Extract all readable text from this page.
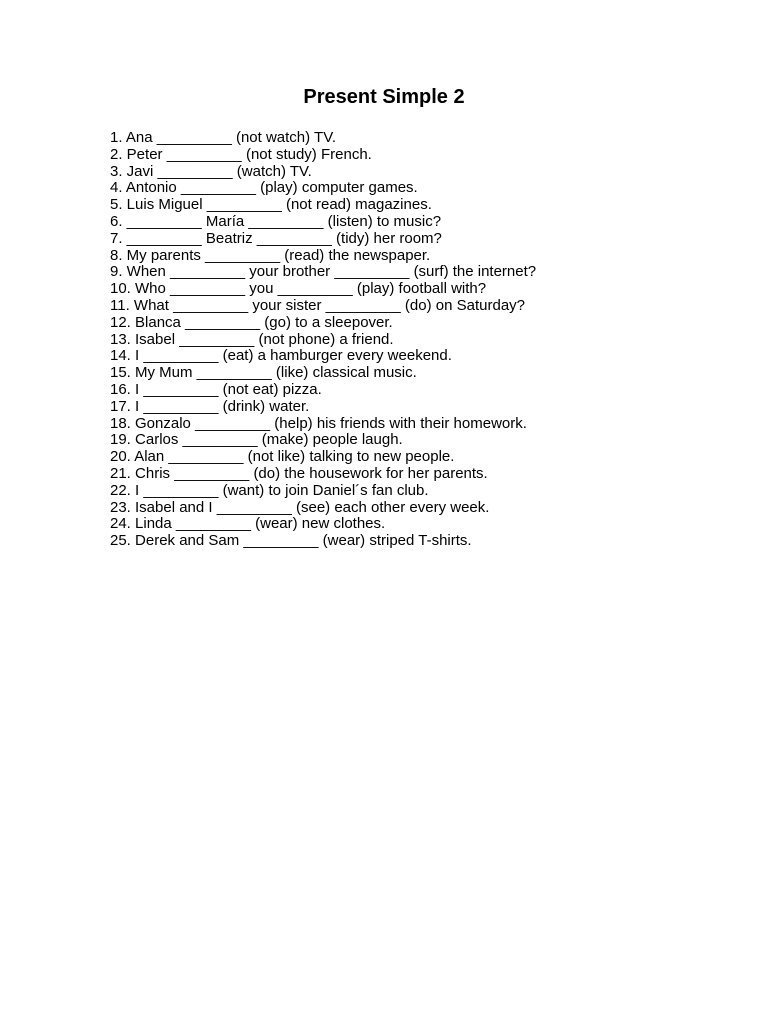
Present Simple 2
1. Ana _________ (not watch) TV.
2. Peter _________ (not study) French.
3. Javi _________ (watch) TV.
4. Antonio _________ (play) computer games.
5. Luis Miguel _________ (not read) magazines.
6. _________ María _________ (listen) to music?
7. _________ Beatriz _________ (tidy) her room?
8. My parents _________ (read) the newspaper.
9. When _________ your brother _________ (surf) the internet?
10. Who _________ you _________ (play) football with?
11. What _________ your sister _________ (do) on Saturday?
12. Blanca _________ (go) to a sleepover.
13. Isabel _________ (not phone) a friend.
14. I _________ (eat) a hamburger every weekend.
15. My Mum _________ (like) classical music.
16. I _________ (not eat) pizza.
17. I _________ (drink) water.
18. Gonzalo _________ (help) his friends with their homework.
19. Carlos _________ (make) people laugh.
20. Alan _________ (not like) talking to new people.
21. Chris _________ (do) the housework for her parents.
22. I _________ (want) to join Daniel´s fan club.
23. Isabel and I _________ (see) each other every week.
24. Linda _________ (wear) new clothes.
25. Derek and Sam _________ (wear) striped T-shirts.
